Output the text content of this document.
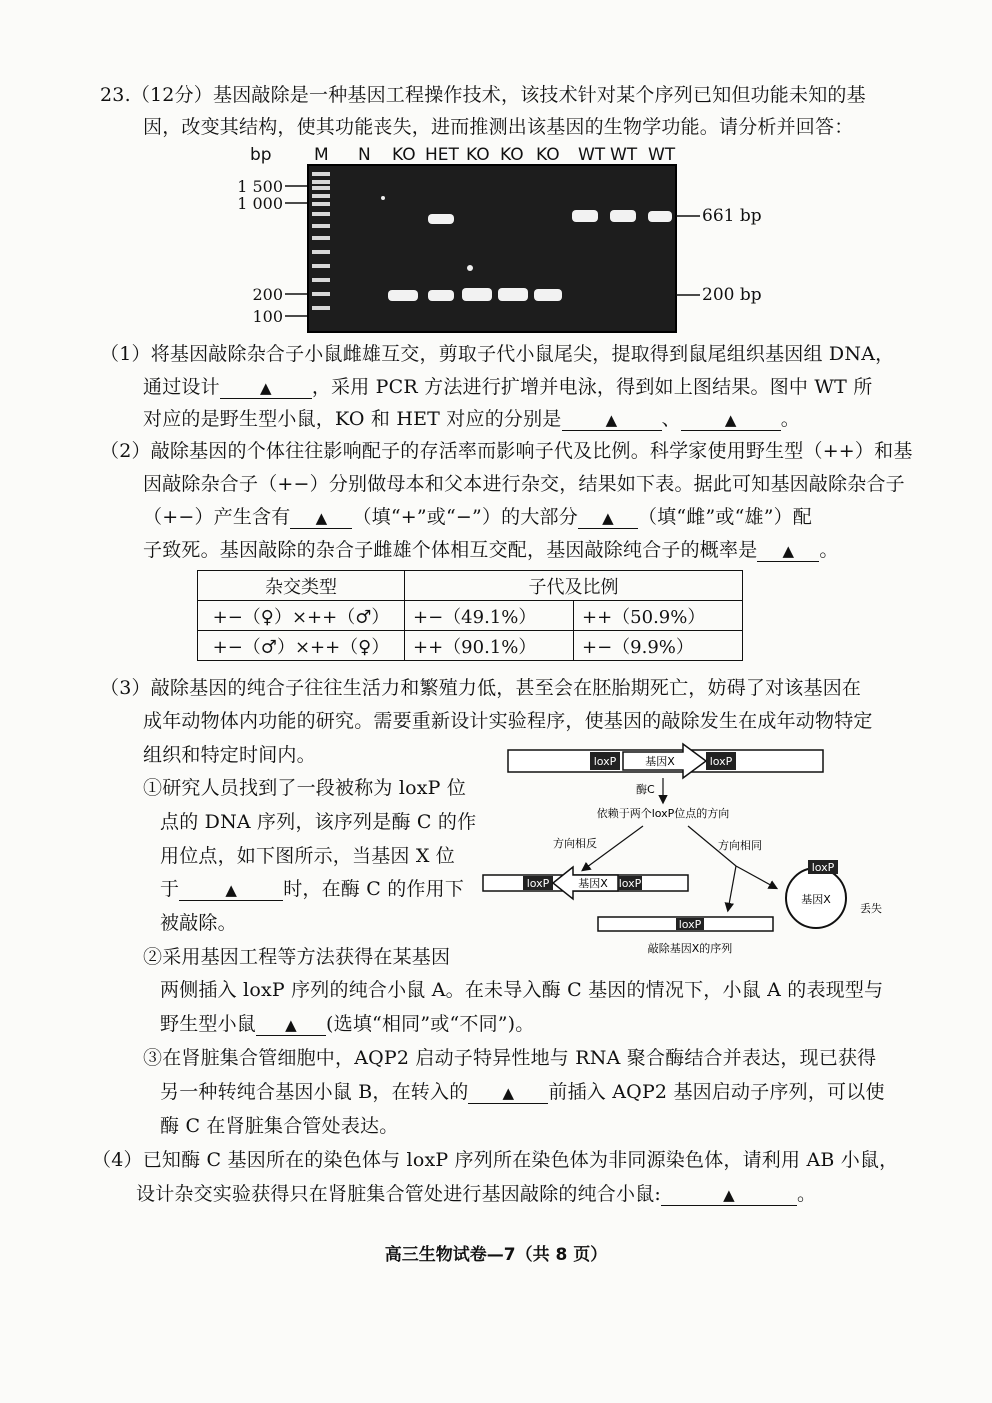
23.（12分）基因敲除是一种基因工程操作技术，该技术针对某个序列已知但功能未知的基
因，改变其结构，使其功能丧失，进而推测出该基因的生物学功能。请分析并回答：
bp M N KO HET KO KO KO WT WT WT
1 500
1 000
200
100
661 bp
200 bp
（1）将基因敲除杂合子小鼠雌雄互交，剪取子代小鼠尾尖，提取得到鼠尾组织基因组 DNA，
通过设计	▲ ，采用 PCR 方法进行扩增并电泳，得到如上图结果。图中 WT 所
对应的是野生型小鼠，KO 和 HET 对应的分别是	▲ 、	▲ 。
（2）敲除基因的个体往往影响配子的存活率而影响子代及比例。科学家使用野生型（++）和基
因敲除杂合子（+−）分别做母本和父本进行杂交，结果如下表。据此可知基因敲除杂合子
（+−）产生含有 ▲ （填“+”或“−”）的大部分 ▲ （填“雌”或“雄”）配
子致死。基因敲除的杂合子雌雄个体相互交配，基因敲除纯合子的概率是 ▲ 。
杂交类型	子代及比例	
+−（♀）×++（♂）	+−（49.1%）	++（50.9%）
+−（♂）×++（♀）	++（90.1%）	+−（9.9%）
（3）敲除基因的纯合子往往生活力和繁殖力低，甚至会在胚胎期死亡，妨碍了对该基因在
成年动物体内功能的研究。需要重新设计实验程序，使基因的敲除发生在成年动物特定
组织和特定时间内。
①研究人员找到了一段被称为 loxP 位
点的 DNA 序列，该序列是酶 C 的作
用位点，如下图所示，当基因 X 位
于	▲ 时，在酶 C 的作用下
被敲除。
loxP	基因X	loxP
酶C
依赖于两个loxP位点的方向
方向相反	方向相同
loxP	基因X loxP
loxP
基因X
丢失
loxP
敲除基因X的序列
②采用基因工程等方法获得在某基因
两侧插入 loxP 序列的纯合小鼠 A。在未导入酶 C 基因的情况下，小鼠 A 的表现型与
野生型小鼠 ▲ (选填“相同”或“不同”)。
③在肾脏集合管细胞中，AQP2 启动子特异性地与 RNA 聚合酶结合并表达，现已获得
另一种转纯合基因小鼠 B，在转入的 ▲ 前插入 AQP2 基因启动子序列，可以使
酶 C 在肾脏集合管处表达。
（4）已知酶 C 基因所在的染色体与 loxP 序列所在染色体为非同源染色体，请利用 AB 小鼠，
设计杂交实验获得只在肾脏集合管处进行基因敲除的纯合小鼠:	▲	。
高三生物试卷—7（共 8 页）
